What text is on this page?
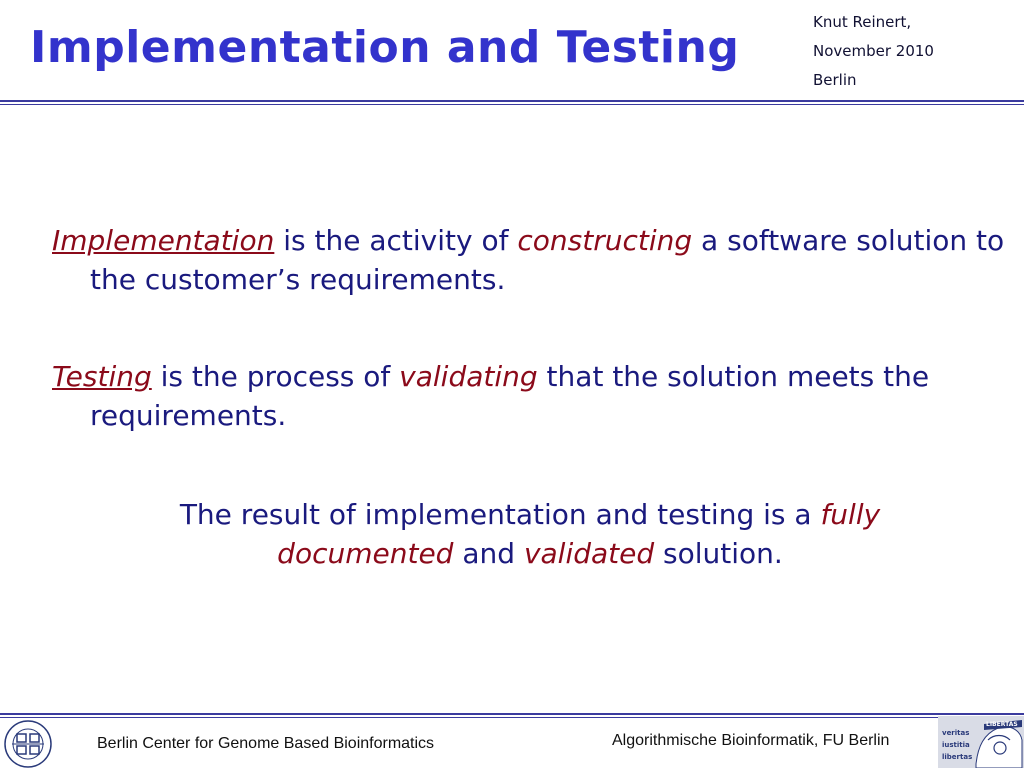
Implementation and Testing	Knut Reinert,
November 2010
Berlin
Implementation is the activity of constructing a software solution to the customer’s requirements.
Testing is the process of validating that the solution meets the requirements.
The result of implementation and testing is a fully documented and validated solution.
Berlin Center for Genome Based Bioinformatics	Algorithmische Bioinformatik, FU Berlin	veritas
iustitia
libertas
LIBERTAS
